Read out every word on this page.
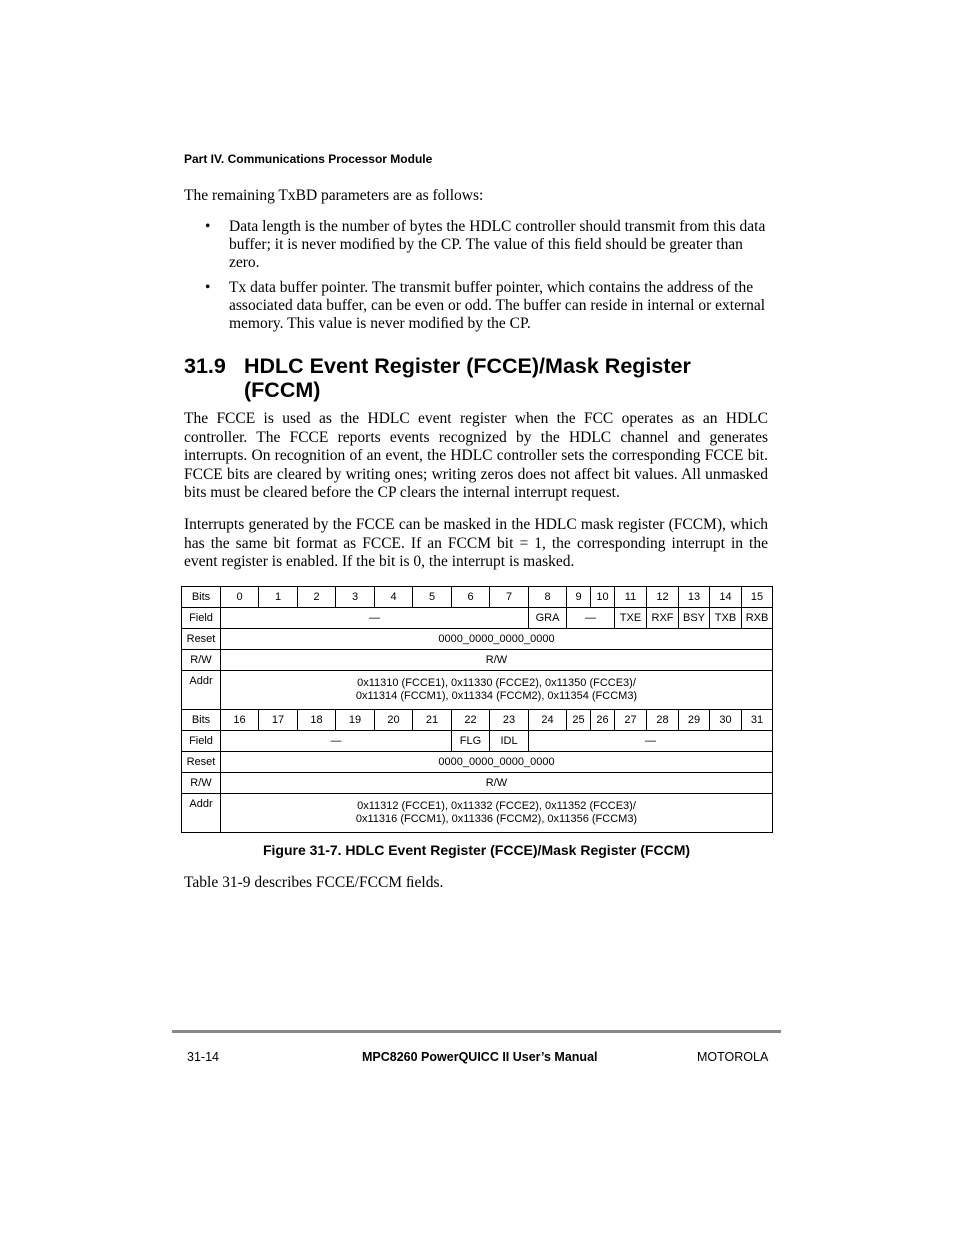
Part IV. Communications Processor Module
The remaining TxBD parameters are as follows:
• Data length is the number of bytes the HDLC controller should transmit from this data buffer; it is never modiﬁed by the CP. The value of this ﬁeld should be greater than zero.
• Tx data buffer pointer. The transmit buffer pointer, which contains the address of the associated data buffer, can be even or odd. The buffer can reside in internal or external memory. This value is never modiﬁed by the CP.
31.9 HDLC Event Register (FCCE)/Mask Register
(FCCM)
The FCCE is used as the HDLC event register when the FCC operates as an HDLC controller. The FCCE reports events recognized by the HDLC channel and generates interrupts. On recognition of an event, the HDLC controller sets the corresponding FCCE bit. FCCE bits are cleared by writing ones; writing zeros does not affect bit values. All unmasked bits must be cleared before the CP clears the internal interrupt request.
Interrupts generated by the FCCE can be masked in the HDLC mask register (FCCM), which has the same bit format as FCCE. If an FCCM bit = 1, the corresponding interrupt in the event register is enabled. If the bit is 0, the interrupt is masked.
Bits	0	1	2	3	4	5	6	7	8	9	10	11	12	13	14	15
Field	—								GRA	—		TXE	RXF	BSY	TXB	RXB
Reset	0000_0000_0000_0000															
R/W	R/W															
Addr	0x11310 (FCCE1), 0x11330 (FCCE2), 0x11350 (FCCE3)/
0x11314 (FCCM1), 0x11334 (FCCM2), 0x11354 (FCCM3)															

Bits	16	17	18	19	20	21	22	23	24	25	26	27	28	29	30	31
Field	—						FLG	IDL	—							
Reset	0000_0000_0000_0000															
R/W	R/W															
Addr	0x11312 (FCCE1), 0x11332 (FCCE2), 0x11352 (FCCE3)/
0x11316 (FCCM1), 0x11336 (FCCM2), 0x11356 (FCCM3)															
Figure 31-7. HDLC Event Register (FCCE)/Mask Register (FCCM)
Table 31-9 describes FCCE/FCCM ﬁelds.
31-14	MPC8260 PowerQUICC II User’s Manual	MOTOROLA
